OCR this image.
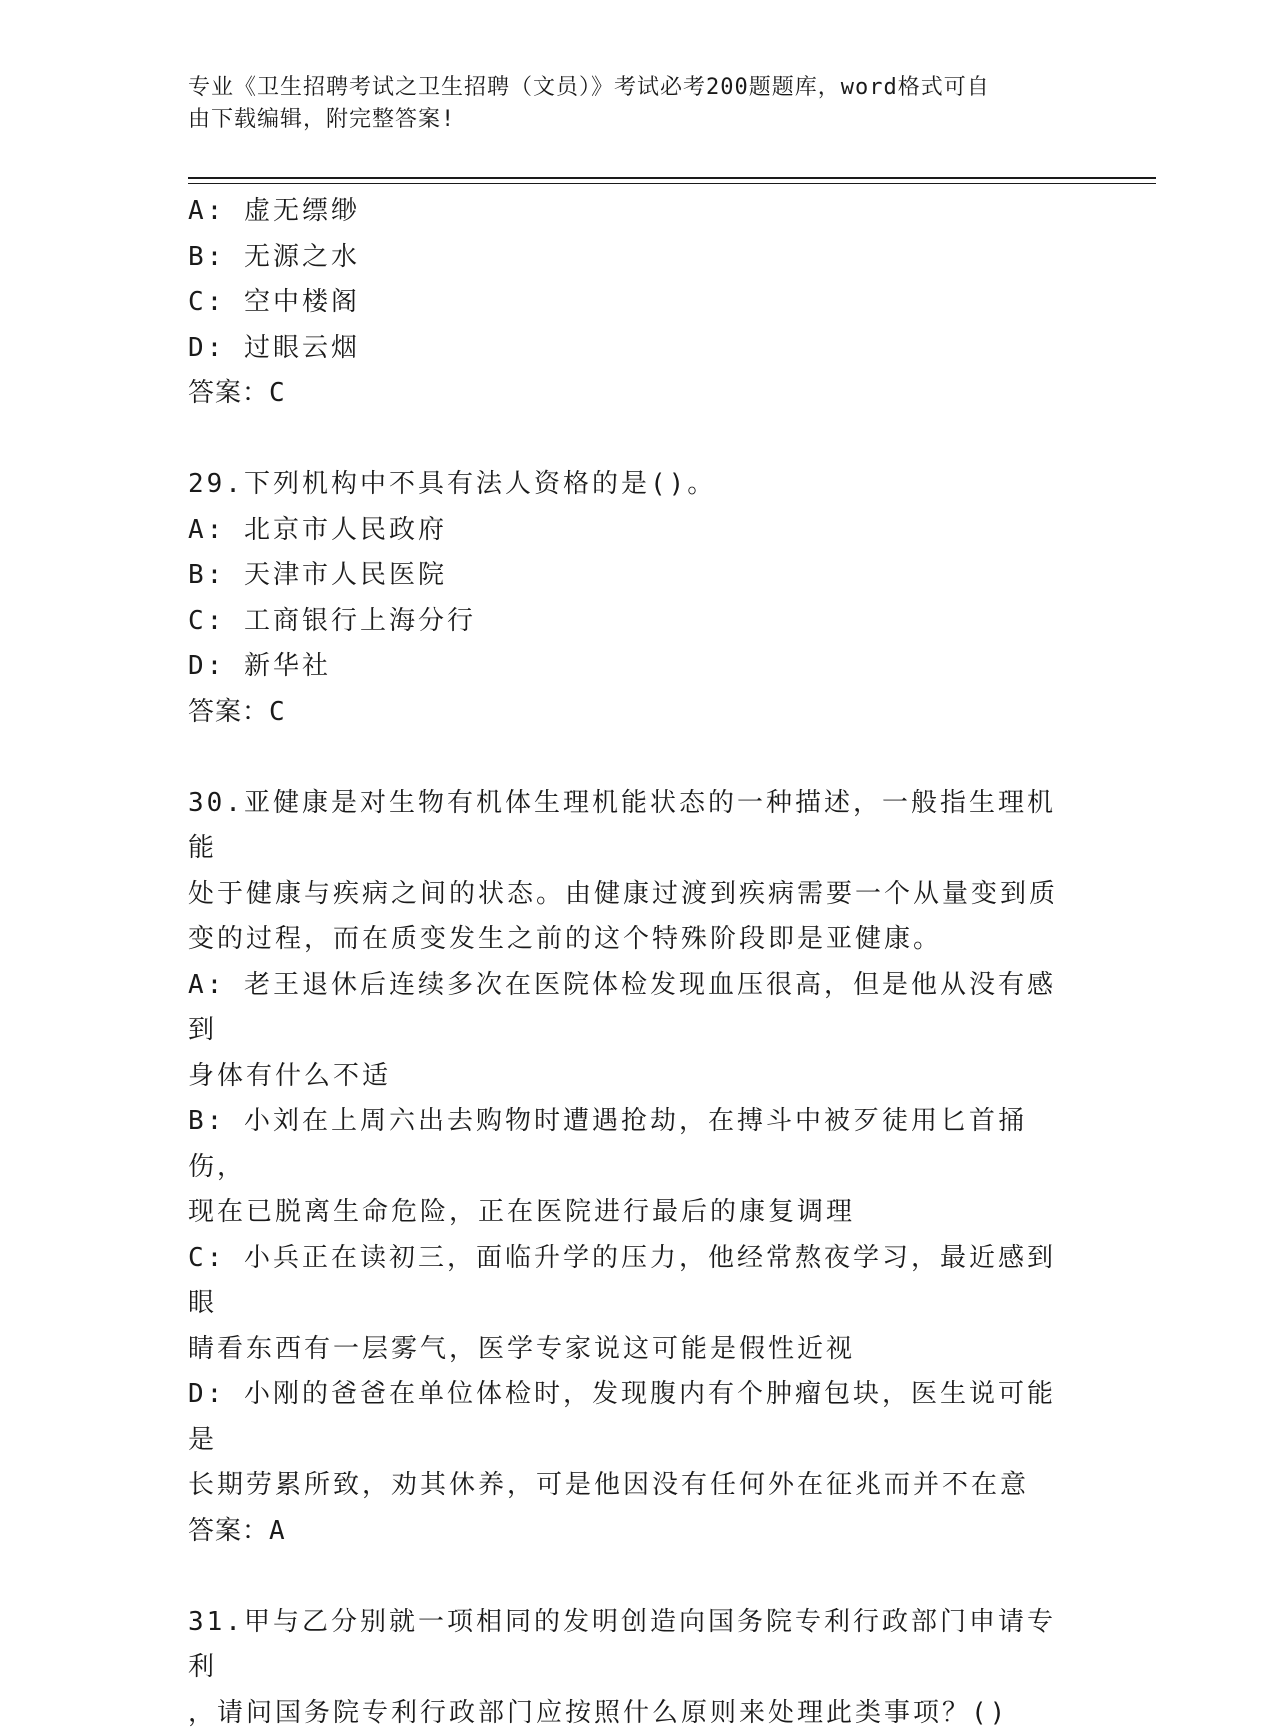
专业《卫生招聘考试之卫生招聘（文员）》考试必考200题题库，word格式可自
由下载编辑，附完整答案!
A: 虚无缥缈
B: 无源之水
C: 空中楼阁
D: 过眼云烟
答案：C
29.下列机构中不具有法人资格的是()。
A: 北京市人民政府
B: 天津市人民医院
C: 工商银行上海分行
D: 新华社
答案：C
30.亚健康是对生物有机体生理机能状态的一种描述，一般指生理机能
处于健康与疾病之间的状态。由健康过渡到疾病需要一个从量变到质
变的过程，而在质变发生之前的这个特殊阶段即是亚健康。
A: 老王退休后连续多次在医院体检发现血压很高，但是他从没有感到
身体有什么不适
B: 小刘在上周六出去购物时遭遇抢劫，在搏斗中被歹徒用匕首捅伤，
现在已脱离生命危险，正在医院进行最后的康复调理
C: 小兵正在读初三，面临升学的压力，他经常熬夜学习，最近感到眼
睛看东西有一层雾气，医学专家说这可能是假性近视
D: 小刚的爸爸在单位体检时，发现腹内有个肿瘤包块，医生说可能是
长期劳累所致，劝其休养，可是他因没有任何外在征兆而并不在意
答案：A
31.甲与乙分别就一项相同的发明创造向国务院专利行政部门申请专利
，请问国务院专利行政部门应按照什么原则来处理此类事项？()
